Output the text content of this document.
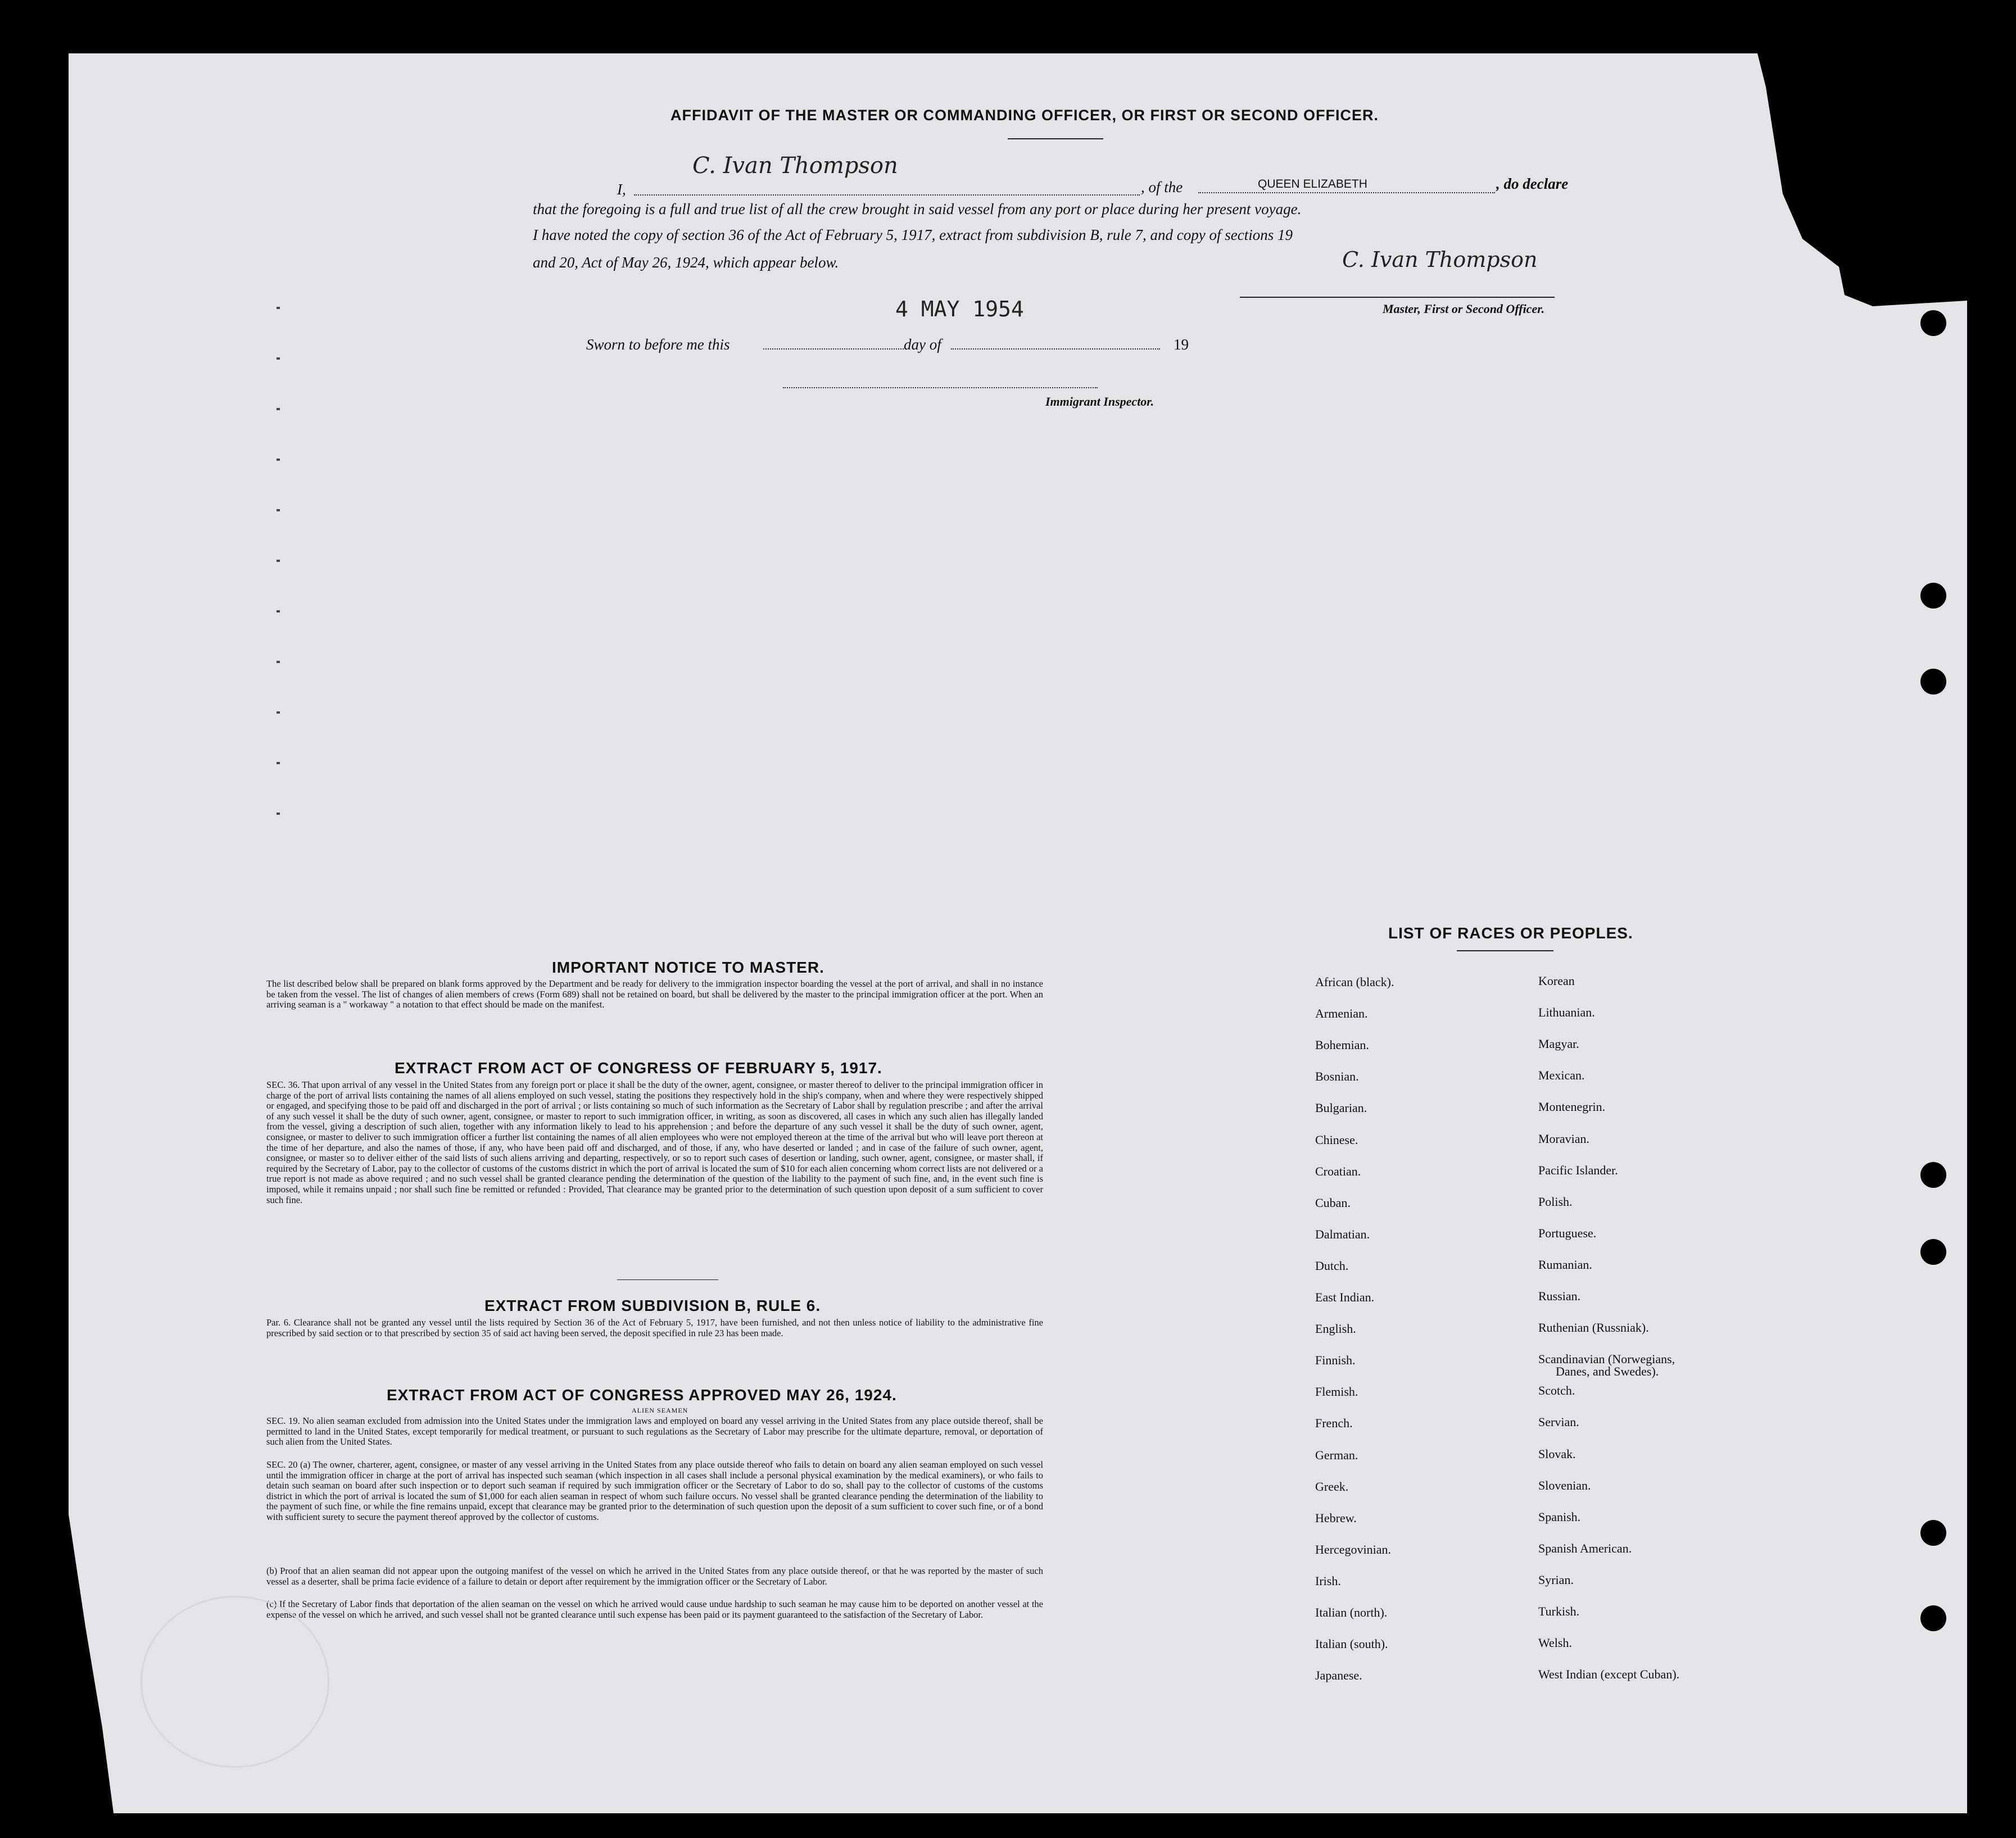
AFFIDAVIT OF THE MASTER OR COMMANDING OFFICER, OR FIRST OR SECOND OFFICER.
I,
C. Ivan Thompson
, of the	QUEEN ELIZABETH	, do declare
that the foregoing is a full and true list of all the crew brought in said vessel from any port or place during her present voyage.
I have noted the copy of section 36 of the Act of February 5, 1917, extract from subdivision B, rule 7, and copy of sections 19
and 20, Act of May 26, 1924, which appear below.	C. Ivan Thompson
Master, First or Second Officer.
4 MAY 1954
Sworn to before me this	day of	19
Immigrant Inspector.
IMPORTANT NOTICE TO MASTER.
The list described below shall be prepared on blank forms approved by the Department and be ready for delivery to the immigration inspector boarding the vessel at the port of arrival, and shall in no instance be taken from the vessel. The list of changes of alien members of crews (Form 689) shall not be retained on board, but shall be delivered by the master to the principal immigration officer at the port. When an arriving seaman is a " workaway " a notation to that effect should be made on the manifest.
EXTRACT FROM ACT OF CONGRESS OF FEBRUARY 5, 1917.
SEC. 36. That upon arrival of any vessel in the United States from any foreign port or place it shall be the duty of the owner, agent, consignee, or master thereof to deliver to the principal immigration officer in charge of the port of arrival lists containing the names of all aliens employed on such vessel, stating the positions they respectively hold in the ship's company, when and where they were respectively shipped or engaged, and specifying those to be paid off and discharged in the port of arrival ; or lists containing so much of such information as the Secretary of Labor shall by regulation prescribe ; and after the arrival of any such vessel it shall be the duty of such owner, agent, consignee, or master to report to such immigration officer, in writing, as soon as discovered, all cases in which any such alien has illegally landed from the vessel, giving a description of such alien, together with any information likely to lead to his apprehension ; and before the departure of any such vessel it shall be the duty of such owner, agent, consignee, or master to deliver to such immigration officer a further list containing the names of all alien employees who were not employed thereon at the time of the arrival but who will leave port thereon at the time of her departure, and also the names of those, if any, who have been paid off and discharged, and of those, if any, who have deserted or landed ; and in case of the failure of such owner, agent, consignee, or master so to deliver either of the said lists of such aliens arriving and departing, respectively, or so to report such cases of desertion or landing, such owner, agent, consignee, or master shall, if required by the Secretary of Labor, pay to the collector of customs of the customs district in which the port of arrival is located the sum of $10 for each alien concerning whom correct lists are not delivered or a true report is not made as above required ; and no such vessel shall be granted clearance pending the determination of the question of the liability to the payment of such fine, and, in the event such fine is imposed, while it remains unpaid ; nor shall such fine be remitted or refunded : Provided, That clearance may be granted prior to the determination of such question upon deposit of a sum sufficient to cover such fine.
EXTRACT FROM SUBDIVISION B, RULE 6.
Par. 6. Clearance shall not be granted any vessel until the lists required by Section 36 of the Act of February 5, 1917, have been furnished, and not then unless notice of liability to the administrative fine prescribed by said section or to that prescribed by section 35 of said act having been served, the deposit specified in rule 23 has been made.
EXTRACT FROM ACT OF CONGRESS APPROVED MAY 26, 1924.
ALIEN SEAMEN
SEC. 19. No alien seaman excluded from admission into the United States under the immigration laws and employed on board any vessel arriving in the United States from any place outside thereof, shall be permitted to land in the United States, except temporarily for medical treatment, or pursuant to such regulations as the Secretary of Labor may prescribe for the ultimate departure, removal, or deportation of such alien from the United States.
SEC. 20 (a) The owner, charterer, agent, consignee, or master of any vessel arriving in the United States from any place outside thereof who fails to detain on board any alien seaman employed on such vessel until the immigration officer in charge at the port of arrival has inspected such seaman (which inspection in all cases shall include a personal physical examination by the medical examiners), or who fails to detain such seaman on board after such inspection or to deport such seaman if required by such immigration officer or the Secretary of Labor to do so, shall pay to the collector of customs of the customs district in which the port of arrival is located the sum of $1,000 for each alien seaman in respect of whom such failure occurs. No vessel shall be granted clearance pending the determination of the liability to the payment of such fine, or while the fine remains unpaid, except that clearance may be granted prior to the determination of such question upon the deposit of a sum sufficient to cover such fine, or of a bond with sufficient surety to secure the payment thereof approved by the collector of customs.
(b) Proof that an alien seaman did not appear upon the outgoing manifest of the vessel on which he arrived in the United States from any place outside thereof, or that he was reported by the master of such vessel as a deserter, shall be prima facie evidence of a failure to detain or deport after requirement by the immigration officer or the Secretary of Labor.
(c) If the Secretary of Labor finds that deportation of the alien seaman on the vessel on which he arrived would cause undue hardship to such seaman he may cause him to be deported on another vessel at the expense of the vessel on which he arrived, and such vessel shall not be granted clearance until such expense has been paid or its payment guaranteed to the satisfaction of the Secretary of Labor.
LIST OF RACES OR PEOPLES.
African (black).
Armenian.
Bohemian.
Bosnian.
Bulgarian.
Chinese.
Croatian.
Cuban.
Dalmatian.
Dutch.
East Indian.
English.
Finnish.
Flemish.
French.
German.
Greek.
Hebrew.
Hercegovinian.
Irish.
Italian (north).
Italian (south).
Japanese.
Korean
Lithuanian.
Magyar.
Mexican.
Montenegrin.
Moravian.
Pacific Islander.
Polish.
Portuguese.
Rumanian.
Russian.
Ruthenian (Russniak).
Scandinavian (Norwegians,
Scotch.
Servian.
Slovak.
Slovenian.
Spanish.
Spanish American.
Syrian.
Turkish.
Welsh.
West Indian (except Cuban).
Danes, and Swedes).
